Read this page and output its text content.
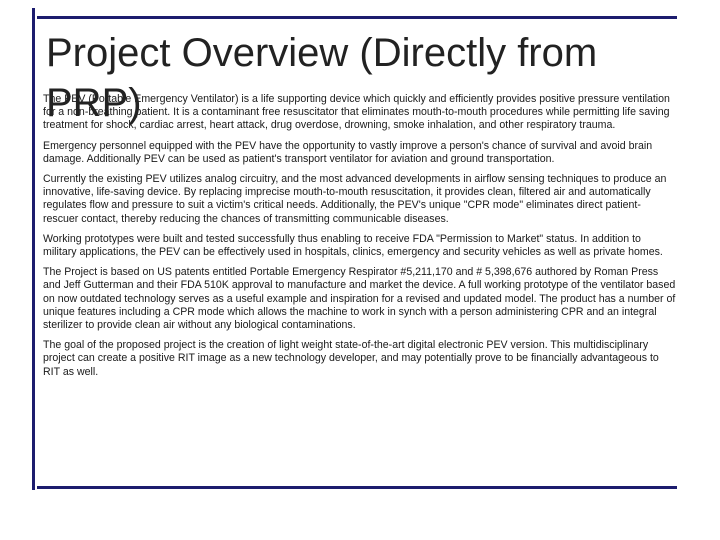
The PEV (Portable Emergency Ventilator) is a life supporting device which quickly and efficiently provides positive pressure ventilation for a non-breathing patient. It is a contaminant free resuscitator that eliminates mouth-to-mouth procedures while permitting life saving treatment for shock, cardiac arrest, heart attack, drug overdose, drowning, smoke inhalation, and other respiratory trauma.

Emergency personnel equipped with the PEV have the opportunity to vastly improve a person's chance of survival and avoid brain damage. Additionally PEV can be used as patient's transport ventilator for aviation and ground transportation.

Currently the existing PEV utilizes analog circuitry, and the most advanced developments in airflow sensing techniques to produce an innovative, life-saving device. By replacing imprecise mouth-to-mouth resuscitation, it provides clean, filtered air and automatically regulates flow and pressure to suit a victim's critical needs. Additionally, the PEV's unique "CPR mode" eliminates direct patient-rescuer contact, thereby reducing the chances of transmitting communicable diseases.

Working prototypes were built and tested successfully thus enabling to receive FDA "Permission to Market" status. In addition to military applications, the PEV can be effectively used in hospitals, clinics, emergency and security vehicles as well as private homes.

The Project is based on US patents entitled Portable Emergency Respirator #5,211,170 and # 5,398,676 authored by Roman Press and Jeff Gutterman and their FDA 510K approval to manufacture and market the device. A full working prototype of the ventilator based on now outdated technology serves as a useful example and inspiration for a revised and updated model. The product has a number of unique features including a CPR mode which allows the machine to work in synch with a person administering CPR and an integral sterilizer to provide clean air without any biological contaminations.

The goal of the proposed project is the creation of light weight state-of-the-art digital electronic PEV version. This multidisciplinary project can create a positive RIT image as a new technology developer, and may potentially prove to be financially advantageous to RIT as well.

Project Overview (Directly from PRP)
